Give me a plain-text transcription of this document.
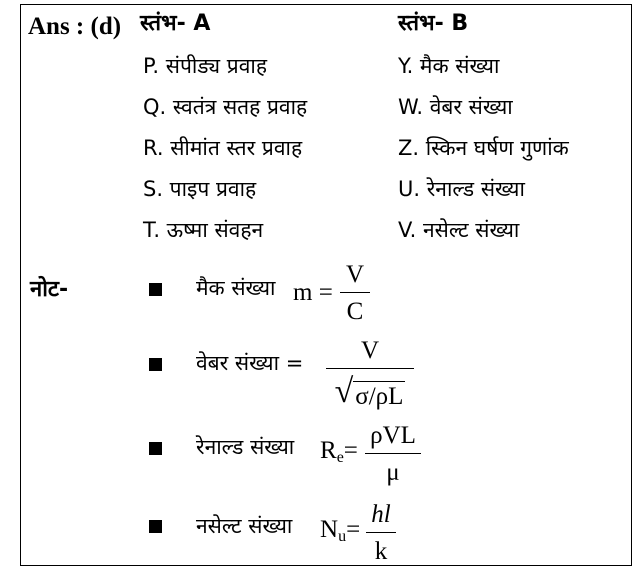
Ans : (d) स्तंभ- A	स्तंभ- B
P. संपीड्य प्रवाह	Y. मैक संख्या
Q. स्वतंत्र सतह प्रवाह	W. वेबर संख्या
R. सीमांत स्तर प्रवाह	Z. स्किन घर्षण गुणांक
S. पाइप प्रवाह	U. रेनाल्ड संख्या
T. ऊष्मा संवहन	V. नसेल्ट संख्या
नोट-	मैक संख्या m =
V
C
वेबर संख्या =	V
√ σ/ρL
रेनाल्ड संख्या $R_e=$
ρVL
μ
नसेल्ट संख्या $N_u=$
hl
k
